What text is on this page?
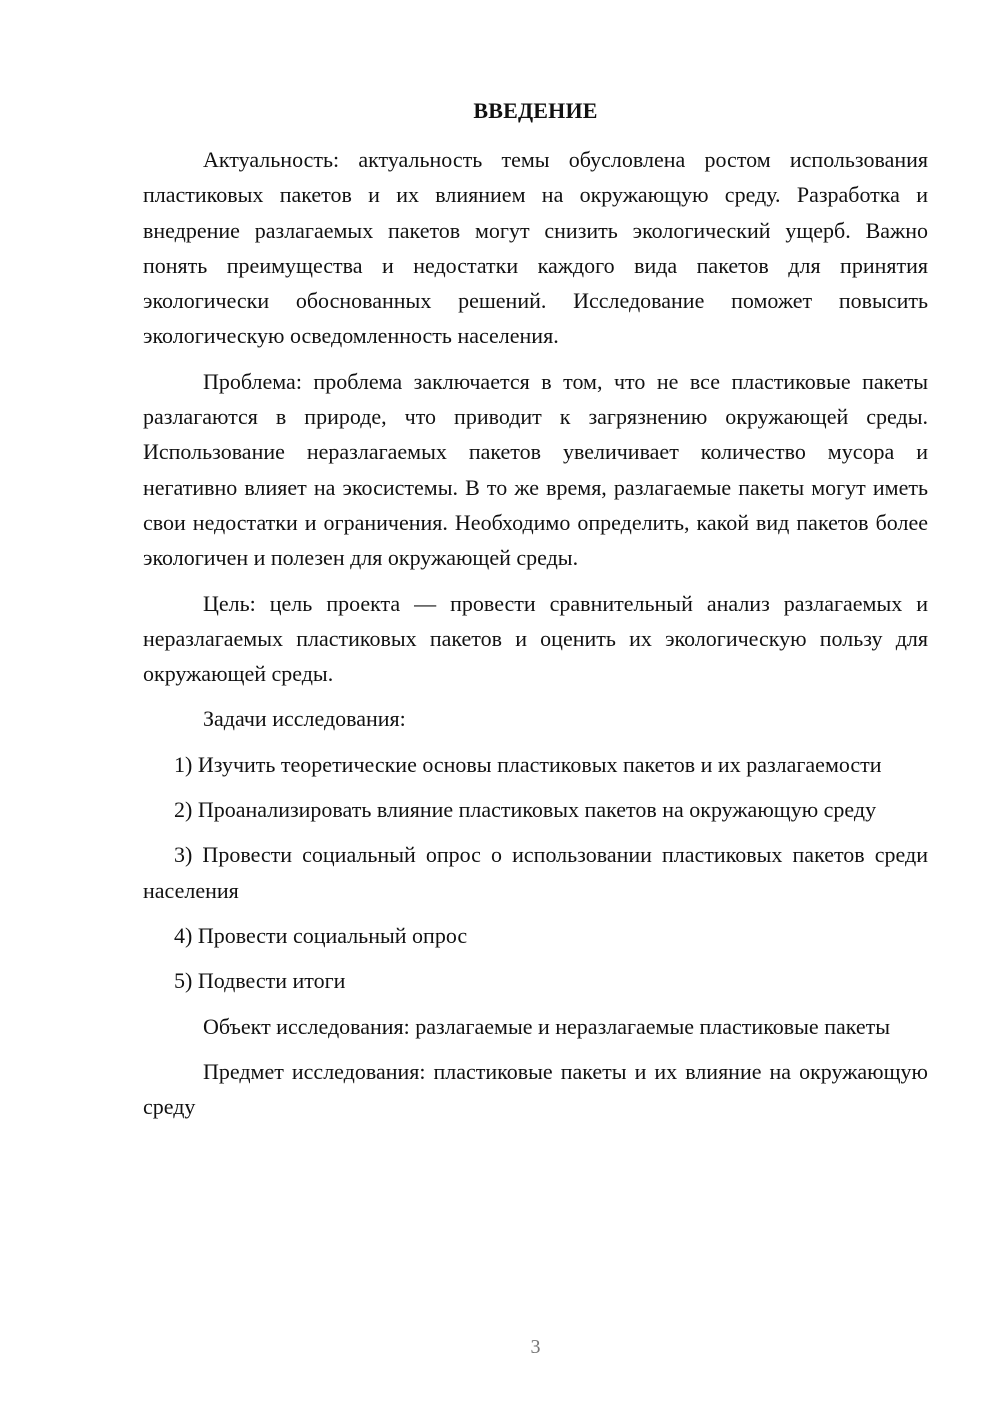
ВВЕДЕНИЕ

Актуальность: актуальность темы обусловлена ростом использования пластиковых пакетов и их влиянием на окружающую среду. Разработка и внедрение разлагаемых пакетов могут снизить экологический ущерб. Важно понять преимущества и недостатки каждого вида пакетов для принятия экологически обоснованных решений. Исследование поможет повысить экологическую осведомленность населения.

Проблема: проблема заключается в том, что не все пластиковые пакеты разлагаются в природе, что приводит к загрязнению окружающей среды. Использование неразлагаемых пакетов увеличивает количество мусора и негативно влияет на экосистемы. В то же время, разлагаемые пакеты могут иметь свои недостатки и ограничения. Необходимо определить, какой вид пакетов более экологичен и полезен для окружающей среды.

Цель: цель проекта — провести сравнительный анализ разлагаемых и неразлагаемых пластиковых пакетов и оценить их экологическую пользу для окружающей среды.

Задачи исследования:

1) Изучить теоретические основы пластиковых пакетов и их разлагаемости

2) Проанализировать влияние пластиковых пакетов на окружающую среду

3) Провести социальный опрос о использовании пластиковых пакетов среди населения

4) Провести социальный опрос

5) Подвести итоги

Объект исследования: разлагаемые и неразлагаемые пластиковые пакеты

Предмет исследования: пластиковые пакеты и их влияние на окружающую среду

3
